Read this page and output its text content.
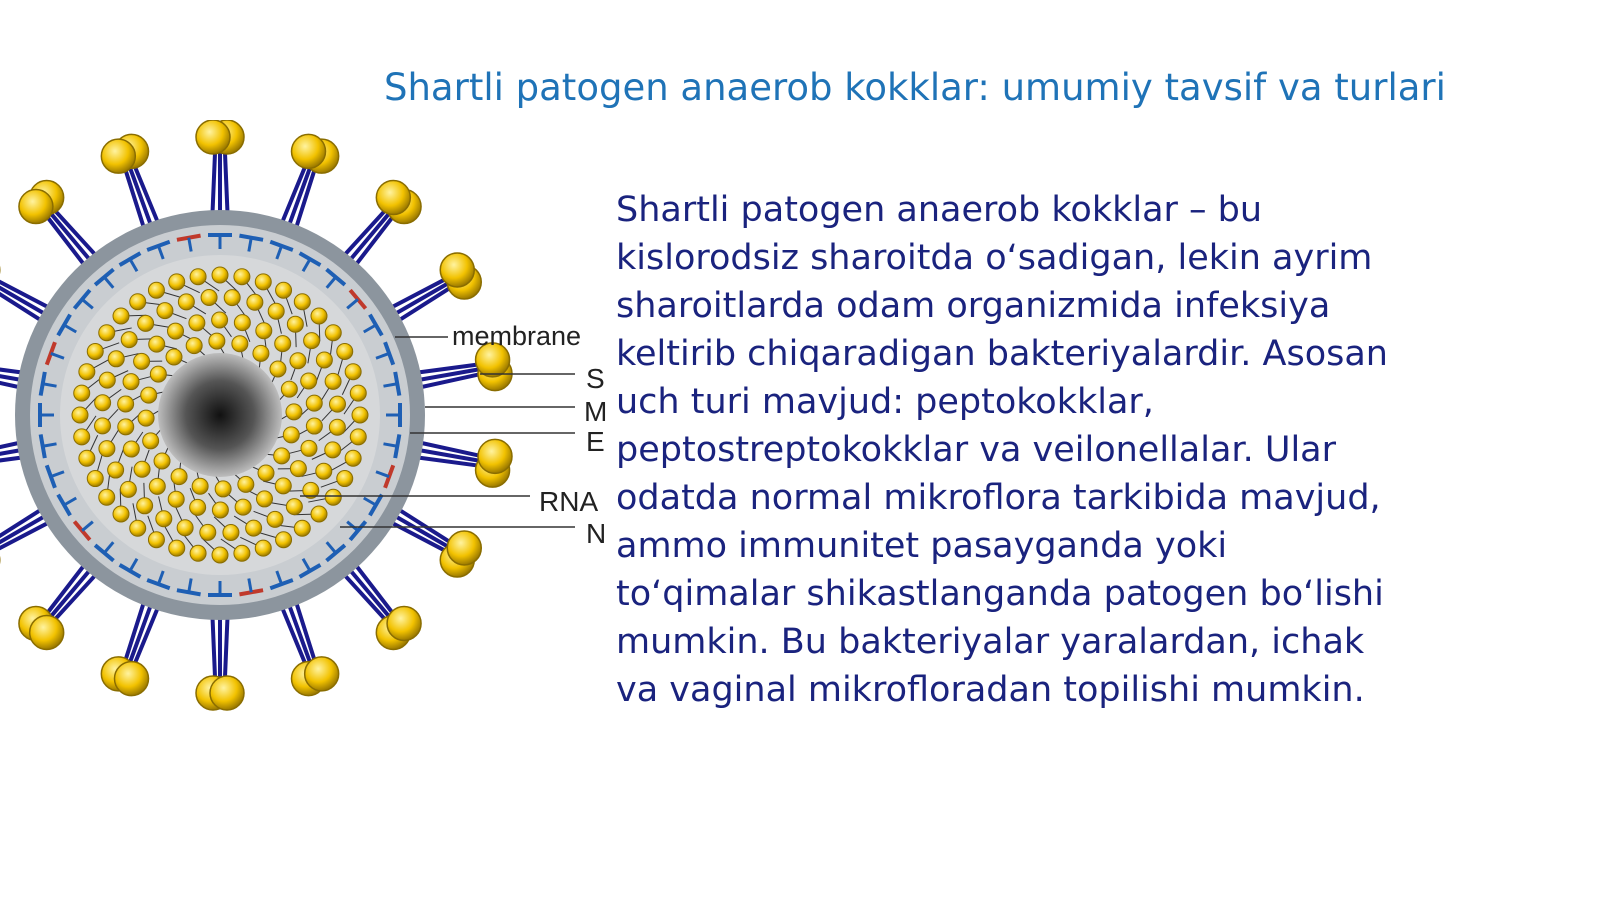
Shartli patogen anaerob kokklar: umumiy tavsif va turlari
membrane
S
M
E
RNA
N
Shartli patogen anaerob kokklar – bu
kislorodsiz sharoitda o‘sadigan, lekin ayrim
sharoitlarda odam organizmida infeksiya
keltirib chiqaradigan bakteriyalardir. Asosan
uch turi mavjud: peptokokklar,
peptostreptokokklar va veilonellalar. Ular
odatda normal mikroflora tarkibida mavjud,
ammo immunitet pasayganda yoki
to‘qimalar shikastlanganda patogen bo‘lishi
mumkin. Bu bakteriyalar yaralardan, ichak
va vaginal mikrofloradan topilishi mumkin.
